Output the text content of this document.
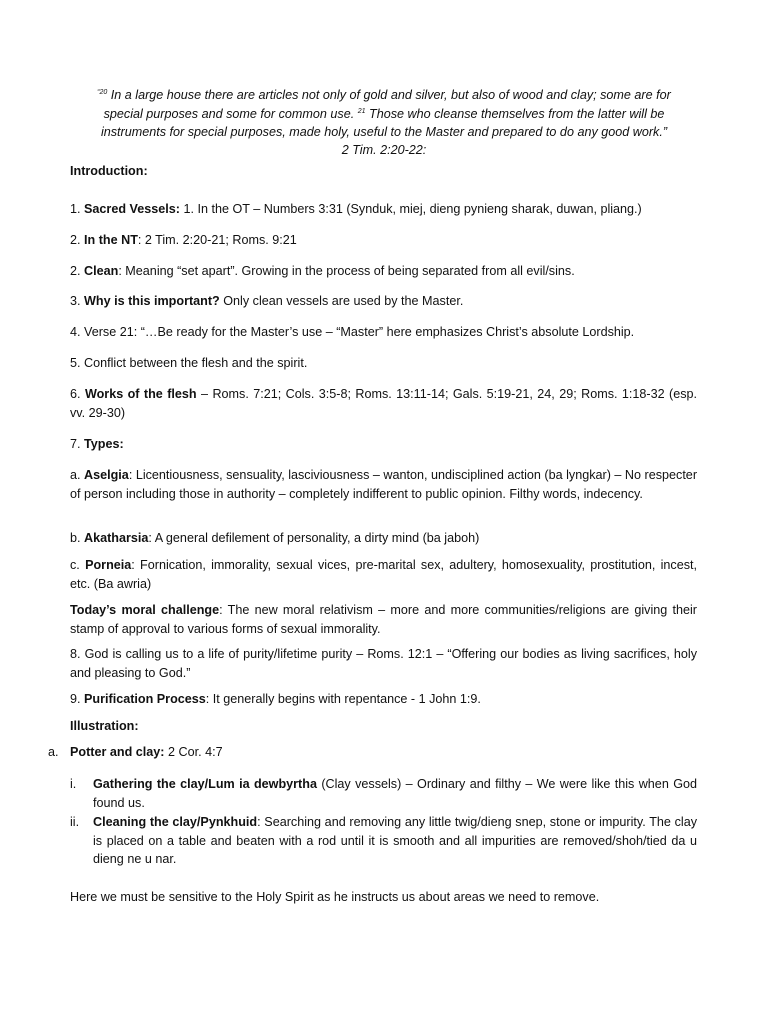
$^{“20}$ In a large house there are articles not only of gold and silver, but also of wood and clay; some are for special purposes and some for common use. $^{21}$ Those who cleanse themselves from the latter will be instruments for special purposes, made holy, useful to the Master and prepared to do any good work.”
2 Tim. 2:20-22:
Introduction:
1. Sacred Vessels: 1. In the OT – Numbers 3:31 (Synduk, miej, dieng pynieng sharak, duwan, pliang.)
2. In the NT: 2 Tim. 2:20-21; Roms. 9:21
2. Clean: Meaning “set apart”. Growing in the process of being separated from all evil/sins.
3. Why is this important? Only clean vessels are used by the Master.
4. Verse 21: “…Be ready for the Master’s use – “Master” here emphasizes Christ’s absolute Lordship.
5. Conflict between the flesh and the spirit.
6. Works of the flesh – Roms. 7:21; Cols. 3:5-8; Roms. 13:11-14; Gals. 5:19-21, 24, 29; Roms. 1:18-32 (esp. vv. 29-30)
7. Types:
a. Aselgia: Licentiousness, sensuality, lasciviousness – wanton, undisciplined action (ba lyngkar) – No respecter of person including those in authority – completely indifferent to public opinion. Filthy words, indecency.
b. Akatharsia: A general defilement of personality, a dirty mind (ba jaboh)
c. Porneia: Fornication, immorality, sexual vices, pre-marital sex, adultery, homosexuality, prostitution, incest, etc. (Ba awria)
Today’s moral challenge: The new moral relativism – more and more communities/religions are giving their stamp of approval to various forms of sexual immorality.
8. God is calling us to a life of purity/lifetime purity – Roms. 12:1 – “Offering our bodies as living sacrifices, holy and pleasing to God.”
9. Purification Process: It generally begins with repentance - 1 John 1:9.
Illustration:
a. Potter and clay: 2 Cor. 4:7
i. Gathering the clay/Lum ia dewbyrtha (Clay vessels) – Ordinary and filthy – We were like this when God found us.
ii. Cleaning the clay/Pynkhuid: Searching and removing any little twig/dieng snep, stone or impurity. The clay is placed on a table and beaten with a rod until it is smooth and all impurities are removed/shoh/tied da u dieng ne u nar.
Here we must be sensitive to the Holy Spirit as he instructs us about areas we need to remove.
